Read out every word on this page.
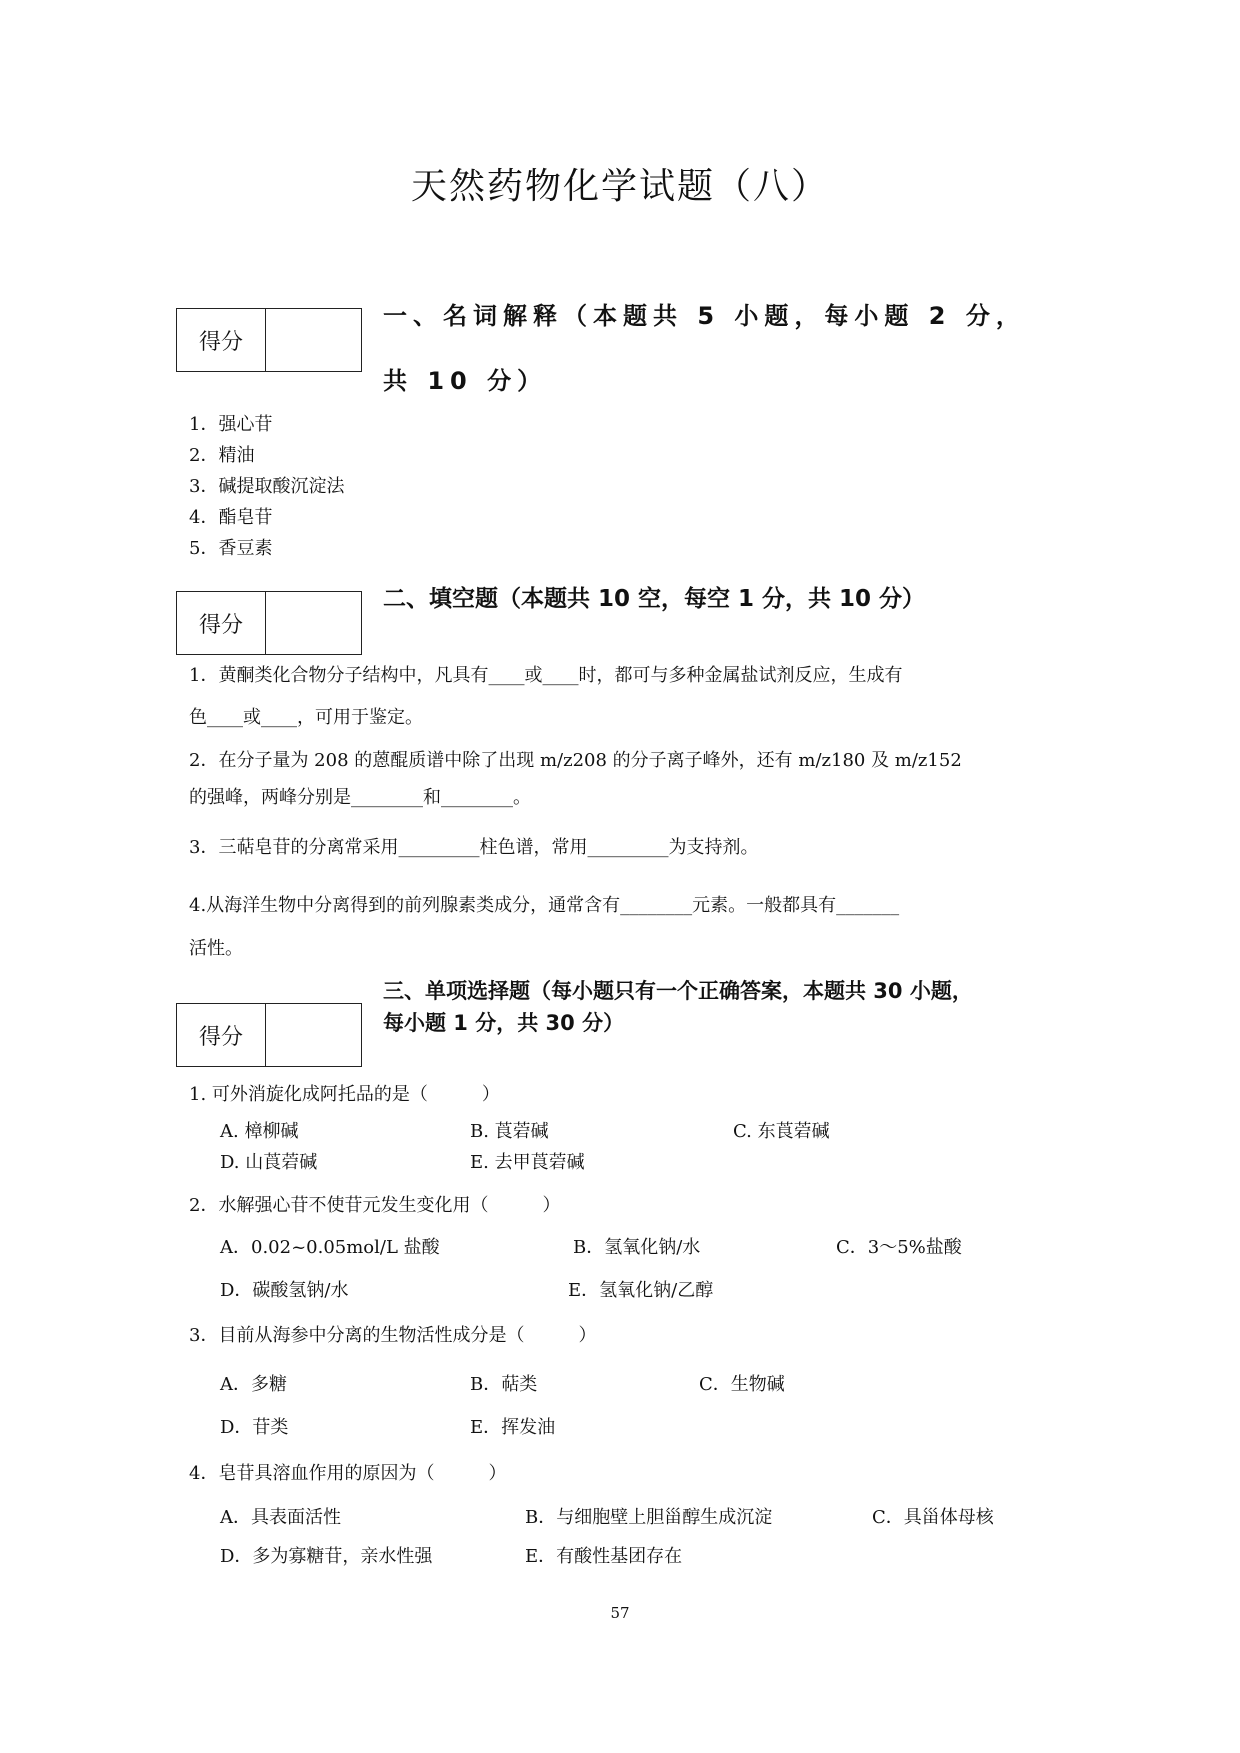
天然药物化学试题（八）
得分
一、名词解释（本题共 5 小题，每小题 2 分，
共 10 分）
1．强心苷
2．精油
3．碱提取酸沉淀法
4．酯皂苷
5．香豆素
得分
二、填空题（本题共 10 空，每空 1 分，共 10 分）
1．黄酮类化合物分子结构中，凡具有____或____时，都可与多种金属盐试剂反应，生成有
色____或____，可用于鉴定。
2．在分子量为 208 的蒽醌质谱中除了出现 m/z208 的分子离子峰外，还有 m/z180 及 m/z152
的强峰，两峰分别是________和________。
3．三萜皂苷的分离常采用_________柱色谱，常用_________为支持剂。
4.从海洋生物中分离得到的前列腺素类成分，通常含有________元素。一般都具有_______
活性。
三、单项选择题（每小题只有一个正确答案，本题共 30 小题，
每小题 1 分，共 30 分）
得分
1. 可外消旋化成阿托品的是（　　　）
A. 樟柳碱	B. 莨菪碱	C. 东莨菪碱
D. 山莨菪碱	E. 去甲莨菪碱
2．水解强心苷不使苷元发生变化用（　　　）
A．0.02~0.05mol/L 盐酸	B．氢氧化钠/水	C．3～5%盐酸
D．碳酸氢钠/水	E．氢氧化钠/乙醇
3．目前从海参中分离的生物活性成分是（　　　）
A．多糖	B．萜类	C．生物碱
D．苷类	E．挥发油
4．皂苷具溶血作用的原因为（　　　）
A．具表面活性	B．与细胞壁上胆甾醇生成沉淀	C．具甾体母核
D．多为寡糖苷，亲水性强	E．有酸性基团存在
57
